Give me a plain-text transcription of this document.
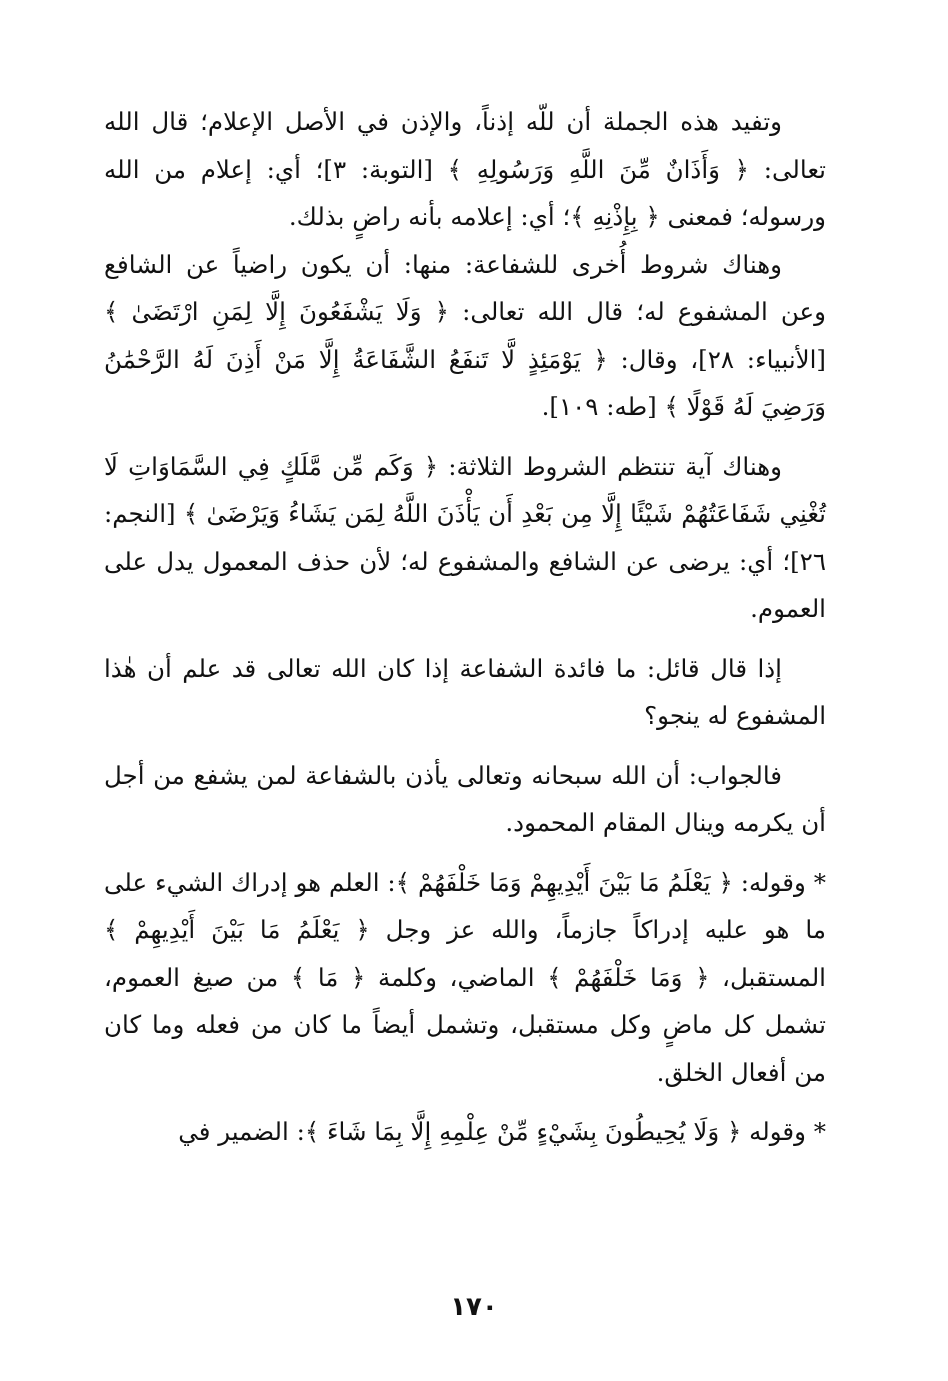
وتفيد هذه الجملة أن للّه إذناً، والإذن في الأصل الإعلام؛ قال الله تعالى: ﴿ وَأَذَانٌ مِّنَ اللَّهِ وَرَسُولِهِ ﴾ [التوبة: ٣]؛ أي: إعلام من الله ورسوله؛ فمعنى ﴿ بِإِذْنِهِ ﴾؛ أي: إعلامه بأنه راضٍ بذلك.

وهناك شروط أُخرى للشفاعة: منها: أن يكون راضياً عن الشافع وعن المشفوع له؛ قال الله تعالى: ﴿ وَلَا يَشْفَعُونَ إِلَّا لِمَنِ ارْتَضَىٰ ﴾ [الأنبياء: ٢٨]، وقال: ﴿ يَوْمَئِذٍ لَّا تَنفَعُ الشَّفَاعَةُ إِلَّا مَنْ أَذِنَ لَهُ الرَّحْمَٰنُ وَرَضِيَ لَهُ قَوْلًا ﴾ [طه: ١٠٩].

وهناك آية تنتظم الشروط الثلاثة: ﴿ وَكَم مِّن مَّلَكٍ فِي السَّمَاوَاتِ لَا تُغْنِي شَفَاعَتُهُمْ شَيْئًا إِلَّا مِن بَعْدِ أَن يَأْذَنَ اللَّهُ لِمَن يَشَاءُ وَيَرْضَىٰ ﴾ [النجم: ٢٦]؛ أي: يرضى عن الشافع والمشفوع له؛ لأن حذف المعمول يدل على العموم.

إذا قال قائل: ما فائدة الشفاعة إذا كان الله تعالى قد علم أن هٰذا المشفوع له ينجو؟

فالجواب: أن الله سبحانه وتعالى يأذن بالشفاعة لمن يشفع من أجل أن يكرمه وينال المقام المحمود.

* وقوله: ﴿ يَعْلَمُ مَا بَيْنَ أَيْدِيهِمْ وَمَا خَلْفَهُمْ ﴾: العلم هو إدراك الشيء على ما هو عليه إدراكاً جازماً، والله عز وجل ﴿ يَعْلَمُ مَا بَيْنَ أَيْدِيهِمْ ﴾ المستقبل، ﴿ وَمَا خَلْفَهُمْ ﴾ الماضي، وكلمة ﴿ مَا ﴾ من صيغ العموم، تشمل كل ماضٍ وكل مستقبل، وتشمل أيضاً ما كان من فعله وما كان من أفعال الخلق.

* وقوله ﴿ وَلَا يُحِيطُونَ بِشَيْءٍ مِّنْ عِلْمِهِ إِلَّا بِمَا شَاءَ ﴾: الضمير في

١٧٠
